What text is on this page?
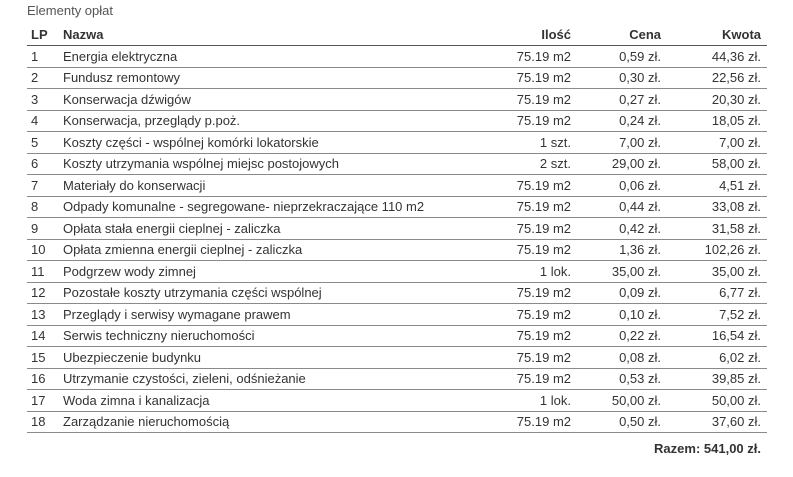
Elementy opłat
LP	Nazwa	Ilość	Cena	Kwota
1	Energia elektryczna	75.19 m2	0,59 zł.	44,36 zł.
2	Fundusz remontowy	75.19 m2	0,30 zł.	22,56 zł.
3	Konserwacja dźwigów	75.19 m2	0,27 zł.	20,30 zł.
4	Konserwacja, przeglądy p.poż.	75.19 m2	0,24 zł.	18,05 zł.
5	Koszty części - wspólnej komórki lokatorskie	1 szt.	7,00 zł.	7,00 zł.
6	Koszty utrzymania wspólnej miejsc postojowych	2 szt.	29,00 zł.	58,00 zł.
7	Materiały do konserwacji	75.19 m2	0,06 zł.	4,51 zł.
8	Odpady komunalne - segregowane- nieprzekraczające 110 m2	75.19 m2	0,44 zł.	33,08 zł.
9	Opłata stała energii cieplnej - zaliczka	75.19 m2	0,42 zł.	31,58 zł.
10	Opłata zmienna energii cieplnej - zaliczka	75.19 m2	1,36 zł.	102,26 zł.
11	Podgrzew wody zimnej	1 lok.	35,00 zł.	35,00 zł.
12	Pozostałe koszty utrzymania części wspólnej	75.19 m2	0,09 zł.	6,77 zł.
13	Przeglądy i serwisy wymagane prawem	75.19 m2	0,10 zł.	7,52 zł.
14	Serwis techniczny nieruchomości	75.19 m2	0,22 zł.	16,54 zł.
15	Ubezpieczenie budynku	75.19 m2	0,08 zł.	6,02 zł.
16	Utrzymanie czystości, zieleni, odśnieżanie	75.19 m2	0,53 zł.	39,85 zł.
17	Woda zimna i kanalizacja	1 lok.	50,00 zł.	50,00 zł.
18	Zarządzanie nieruchomością	75.19 m2	0,50 zł.	37,60 zł.
Razem: 541,00 zł.
